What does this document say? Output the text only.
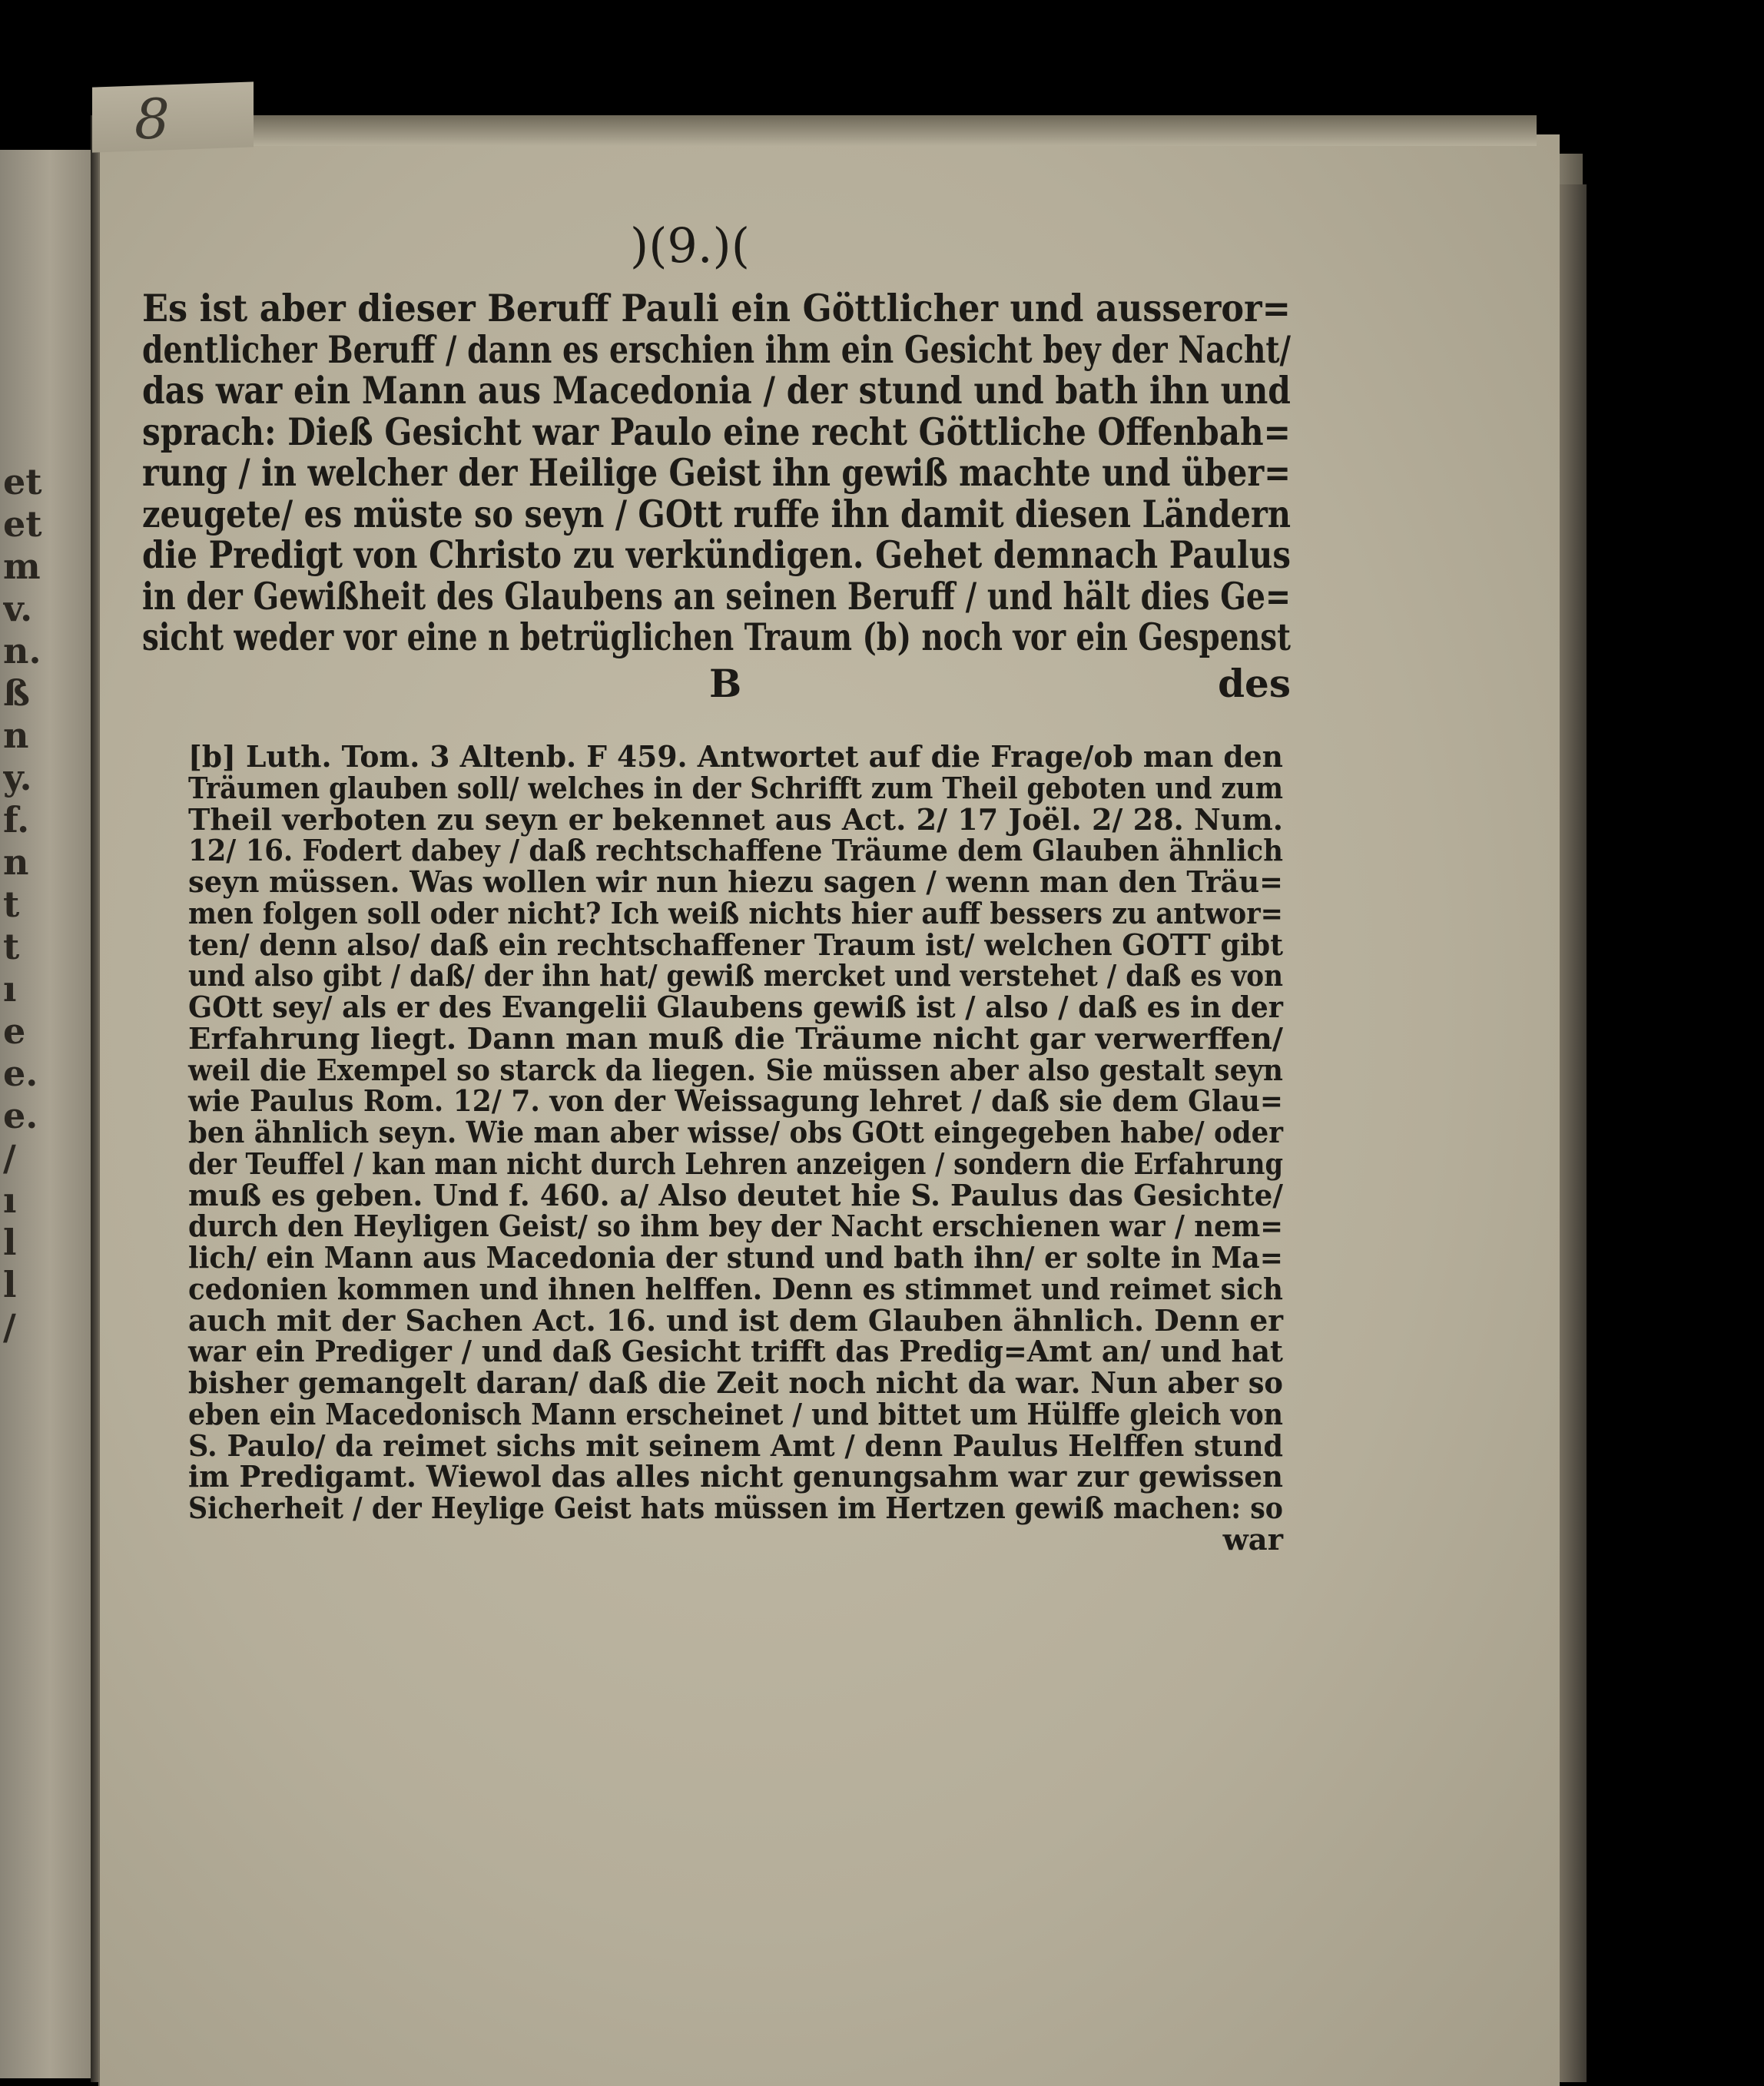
et
et
m
v.
n.
ß
n
y.
f.
n
t
t
ı
e
e.
e.
/
ı
l
l
/
8
)(9.)(
Es ist aber dieser Beruff Pauli ein Göttlicher und ausseror=
dentlicher Beruff / dann es erschien ihm ein Gesicht bey der Nacht/
das war ein Mann aus Macedonia / der stund und bath ihn und
sprach: Dieß Gesicht war Paulo eine recht Göttliche Offenbah=
rung / in welcher der Heilige Geist ihn gewiß machte und über=
zeugete/ es müste so seyn / GOtt ruffe ihn damit diesen Ländern
die Predigt von Christo zu verkündigen. Gehet demnach Paulus
in der Gewißheit des Glaubens an seinen Beruff / und hält dies Ge=
sicht weder vor eine n betrüglichen Traum (b) noch vor ein Gespenst
B	des
[b] Luth. Tom. 3 Altenb. F 459. Antwortet auf die Frage/ob man den
Träumen glauben soll/ welches in der Schrifft zum Theil geboten und zum
Theil verboten zu seyn er bekennet aus Act. 2/ 17 Joël. 2/ 28. Num.
12/ 16. Fodert dabey / daß rechtschaffene Träume dem Glauben ähnlich
seyn müssen. Was wollen wir nun hiezu sagen / wenn man den Träu=
men folgen soll oder nicht? Ich weiß nichts hier auff bessers zu antwor=
ten/ denn also/ daß ein rechtschaffener Traum ist/ welchen GOTT gibt
und also gibt / daß/ der ihn hat/ gewiß mercket und verstehet / daß es von
GOtt sey/ als er des Evangelii Glaubens gewiß ist / also / daß es in der
Erfahrung liegt. Dann man muß die Träume nicht gar verwerffen/
weil die Exempel so starck da liegen. Sie müssen aber also gestalt seyn
wie Paulus Rom. 12/ 7. von der Weissagung lehret / daß sie dem Glau=
ben ähnlich seyn. Wie man aber wisse/ obs GOtt eingegeben habe/ oder
der Teuffel / kan man nicht durch Lehren anzeigen / sondern die Erfahrung
muß es geben. Und f. 460. a/ Also deutet hie S. Paulus das Gesichte/
durch den Heyligen Geist/ so ihm bey der Nacht erschienen war / nem=
lich/ ein Mann aus Macedonia der stund und bath ihn/ er solte in Ma=
cedonien kommen und ihnen helffen. Denn es stimmet und reimet sich
auch mit der Sachen Act. 16. und ist dem Glauben ähnlich. Denn er
war ein Prediger / und daß Gesicht trifft das Predig=Amt an/ und hat
bisher gemangelt daran/ daß die Zeit noch nicht da war. Nun aber so
eben ein Macedonisch Mann erscheinet / und bittet um Hülffe gleich von
S. Paulo/ da reimet sichs mit seinem Amt / denn Paulus Helffen stund
im Predigamt. Wiewol das alles nicht genungsahm war zur gewissen
Sicherheit / der Heylige Geist hats müssen im Hertzen gewiß machen: so
war
